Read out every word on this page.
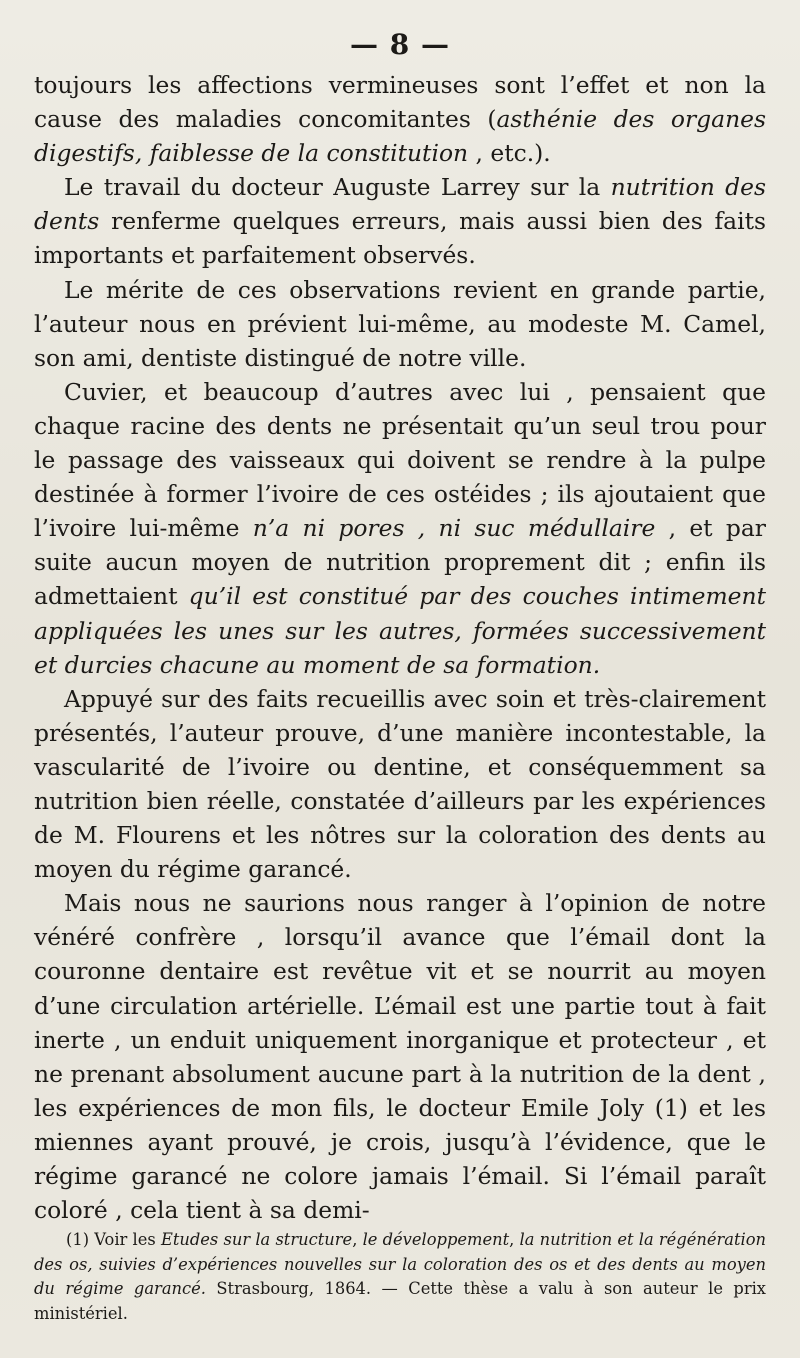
— 8 —

toujours les affections vermineuses sont l’effet et non la cause des maladies concomitantes (asthénie des organes digestifs, faiblesse de la constitution , etc.).

Le travail du docteur Auguste Larrey sur la nutrition des dents renferme quelques erreurs, mais aussi bien des faits importants et parfaitement observés.

Le mérite de ces observations revient en grande partie, l’auteur nous en prévient lui-même, au modeste M. Camel, son ami, dentiste distingué de notre ville.

Cuvier, et beaucoup d’autres avec lui , pensaient que chaque racine des dents ne présentait qu’un seul trou pour le passage des vaisseaux qui doivent se rendre à la pulpe destinée à former l’ivoire de ces ostéides ; ils ajoutaient que l’ivoire lui-même n’a ni pores , ni suc médullaire , et par suite aucun moyen de nutrition proprement dit ; enfin ils admettaient qu’il est constitué par des couches intimement appliquées les unes sur les autres, formées successivement et durcies chacune au moment de sa formation.

Appuyé sur des faits recueillis avec soin et très-clairement présentés, l’auteur prouve, d’une manière incontestable, la vascularité de l’ivoire ou dentine, et conséquemment sa nutrition bien réelle, constatée d’ailleurs par les expériences de M. Flourens et les nôtres sur la coloration des dents au moyen du régime garancé.

Mais nous ne saurions nous ranger à l’opinion de notre vénéré confrère , lorsqu’il avance que l’émail dont la couronne dentaire est revêtue vit et se nourrit au moyen d’une circulation artérielle. L’émail est une partie tout à fait inerte , un enduit uniquement inorganique et protecteur , et ne prenant absolument aucune part à la nutrition de la dent , les expériences de mon fils, le docteur Emile Joly (1) et les miennes ayant prouvé, je crois, jusqu’à l’évidence, que le régime garancé ne colore jamais l’émail. Si l’émail paraît coloré , cela tient à sa demi-

(1) Voir les Etudes sur la structure, le développement, la nutrition et la régénération des os, suivies d’expériences nouvelles sur la coloration des os et des dents au moyen du régime garancé. Strasbourg, 1864. — Cette thèse a valu à son auteur le prix ministériel.
